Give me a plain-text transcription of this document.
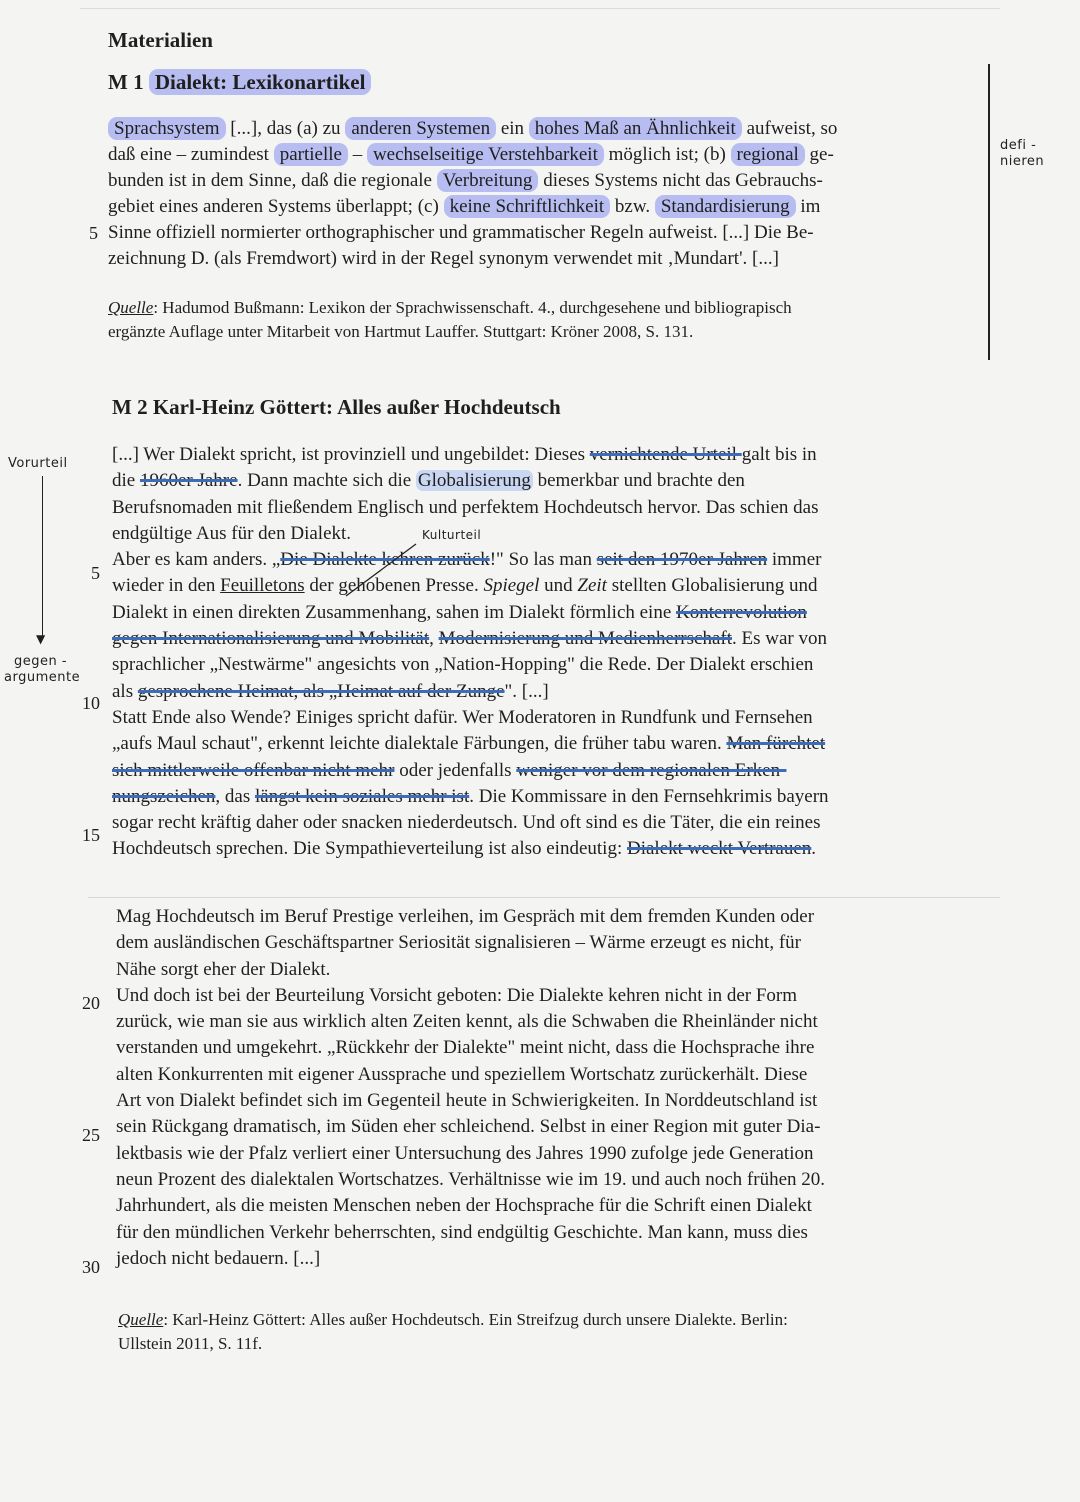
Materialien
M 1 Dialekt: Lexikonartikel
Sprachsystem [...], das (a) zu anderen Systemen ein hohes Maß an Ähnlichkeit aufweist, so
daß eine – zumindest partielle – wechselseitige Verstehbarkeit möglich ist; (b) regional ge-
bunden ist in dem Sinne, daß die regionale Verbreitung dieses Systems nicht das Gebrauchs-
gebiet eines anderen Systems überlappt; (c) keine Schriftlichkeit bzw. Standardisierung im
Sinne offiziell normierter orthographischer und grammatischer Regeln aufweist. [...] Die Be-
zeichnung D. (als Fremdwort) wird in der Regel synonym verwendet mit ‚Mundart'. [...]
5
Quelle: Hadumod Bußmann: Lexikon der Sprachwissenschaft. 4., durchgesehene und bibliograpisch
ergänzte Auflage unter Mitarbeit von Hartmut Lauffer. Stuttgart: Kröner 2008, S. 131.
defi -
nieren
M 2 Karl-Heinz Göttert: Alles außer Hochdeutsch
[...] Wer Dialekt spricht, ist provinziell und ungebildet: Dieses vernichtende Urteil galt bis in
die 1960er Jahre. Dann machte sich die Globalisierung bemerkbar und brachte den
Berufsnomaden mit fließendem Englisch und perfektem Hochdeutsch hervor. Das schien das
endgültige Aus für den Dialekt.
Aber es kam anders. „Die Dialekte kehren zurück!" So las man seit den 1970er Jahren immer
wieder in den Feuilletons der gehobenen Presse. Spiegel und Zeit stellten Globalisierung und
Dialekt in einen direkten Zusammenhang, sahen im Dialekt förmlich eine Konterrevolution
gegen Internationalisierung und Mobilität, Modernisierung und Medienherrschaft. Es war von
sprachlicher „Nestwärme" angesichts von „Nation-Hopping" die Rede. Der Dialekt erschien
als gesprochene Heimat, als „Heimat auf der Zunge". [...]
Statt Ende also Wende? Einiges spricht dafür. Wer Moderatoren in Rundfunk und Fernsehen
„aufs Maul schaut", erkennt leichte dialektale Färbungen, die früher tabu waren. Man fürchtet
sich mittlerweile offenbar nicht mehr oder jedenfalls weniger vor dem regionalen Erken-
nungszeichen, das längst kein soziales mehr ist. Die Kommissare in den Fernsehkrimis bayern
sogar recht kräftig daher oder snacken niederdeutsch. Und oft sind es die Täter, die ein reines
Hochdeutsch sprechen. Die Sympathieverteilung ist also eindeutig: Dialekt weckt Vertrauen.
5
10
15
Mag Hochdeutsch im Beruf Prestige verleihen, im Gespräch mit dem fremden Kunden oder
dem ausländischen Geschäftspartner Seriosität signalisieren – Wärme erzeugt es nicht, für
Nähe sorgt eher der Dialekt.
Und doch ist bei der Beurteilung Vorsicht geboten: Die Dialekte kehren nicht in der Form
zurück, wie man sie aus wirklich alten Zeiten kennt, als die Schwaben die Rheinländer nicht
verstanden und umgekehrt. „Rückkehr der Dialekte" meint nicht, dass die Hochsprache ihre
alten Konkurrenten mit eigener Aussprache und speziellem Wortschatz zurückerhält. Diese
Art von Dialekt befindet sich im Gegenteil heute in Schwierigkeiten. In Norddeutschland ist
sein Rückgang dramatisch, im Süden eher schleichend. Selbst in einer Region mit guter Dia-
lektbasis wie der Pfalz verliert einer Untersuchung des Jahres 1990 zufolge jede Generation
neun Prozent des dialektalen Wortschatzes. Verhältnisse wie im 19. und auch noch frühen 20.
Jahrhundert, als die meisten Menschen neben der Hochsprache für die Schrift einen Dialekt
für den mündlichen Verkehr beherrschten, sind endgültig Geschichte. Man kann, muss dies
jedoch nicht bedauern. [...]
20
25
30
Quelle: Karl-Heinz Göttert: Alles außer Hochdeutsch. Ein Streifzug durch unsere Dialekte. Berlin:
Ullstein 2011, S. 11f.
Vorurteil
▼
gegen -
argumente
Kulturteil
